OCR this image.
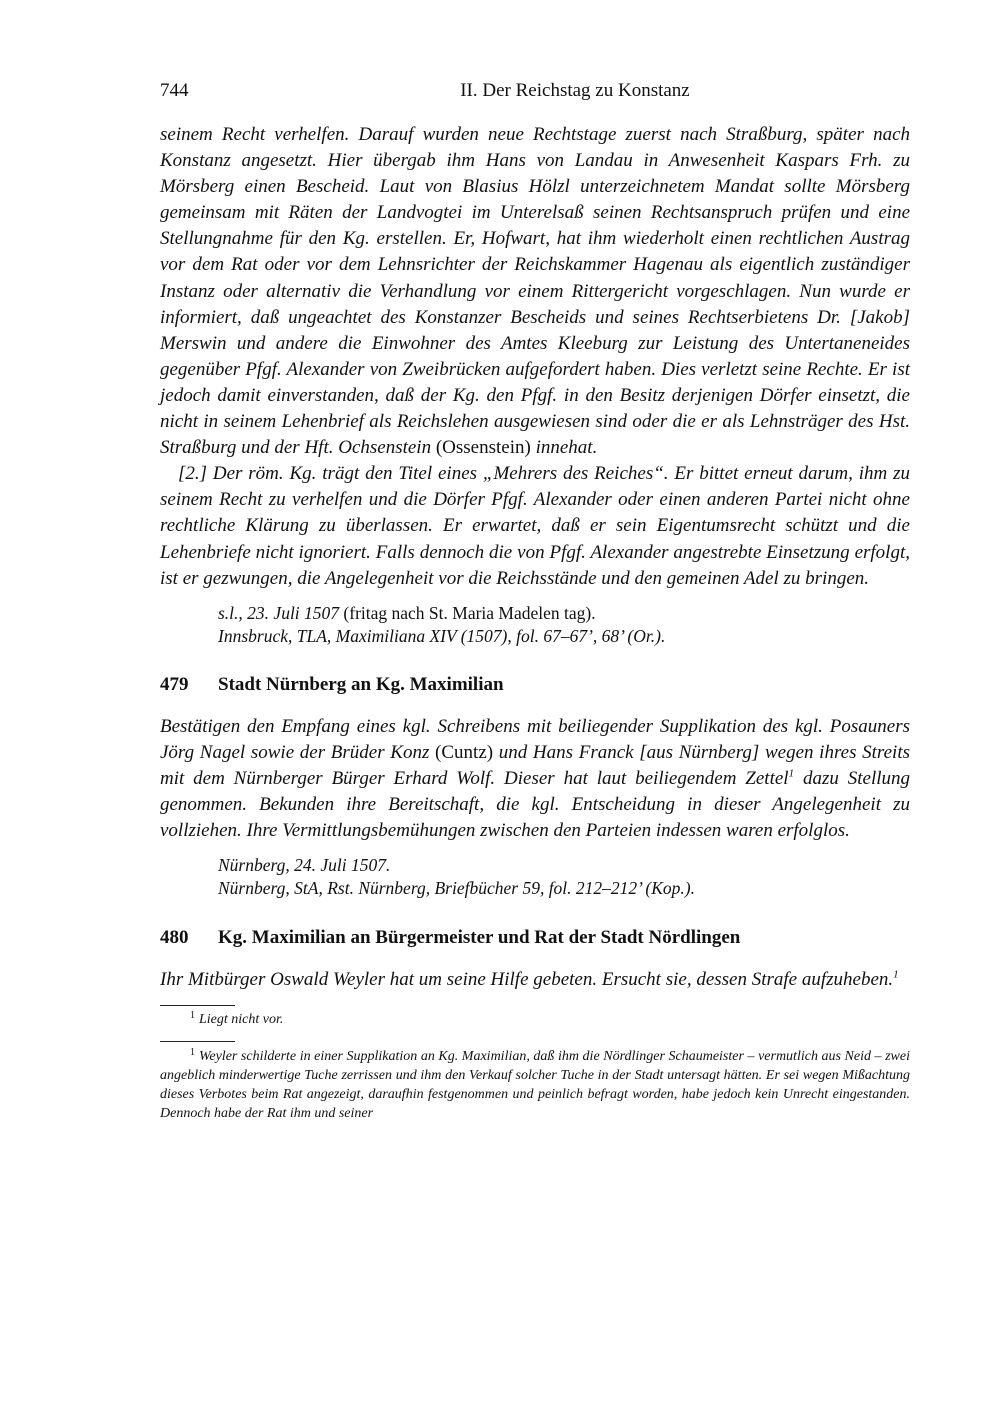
744	II. Der Reichstag zu Konstanz

seinem Recht verhelfen. Darauf wurden neue Rechtstage zuerst nach Straßburg, später nach Konstanz angesetzt. Hier übergab ihm Hans von Landau in Anwesenheit Kaspars Frh. zu Mörsberg einen Bescheid. Laut von Blasius Hölzl unterzeichnetem Mandat sollte Mörsberg gemeinsam mit Räten der Landvogtei im Unterelsaß seinen Rechtsanspruch prüfen und eine Stellungnahme für den Kg. erstellen. Er, Hofwart, hat ihm wiederholt einen rechtlichen Austrag vor dem Rat oder vor dem Lehnsrichter der Reichskammer Hagenau als eigentlich zuständiger Instanz oder alternativ die Verhandlung vor einem Rittergericht vorgeschlagen. Nun wurde er informiert, daß ungeachtet des Konstanzer Bescheids und seines Rechtserbietens Dr. [Jakob] Merswin und andere die Einwohner des Amtes Kleeburg zur Leistung des Untertaneneides gegenüber Pfgf. Alexander von Zweibrücken aufgefordert haben. Dies verletzt seine Rechte. Er ist jedoch damit einverstanden, daß der Kg. den Pfgf. in den Besitz derjenigen Dörfer einsetzt, die nicht in seinem Lehenbrief als Reichslehen ausgewiesen sind oder die er als Lehnsträger des Hst. Straßburg und der Hft. Ochsenstein (Ossenstein) innehat.

[2.] Der röm. Kg. trägt den Titel eines „Mehrers des Reiches“. Er bittet erneut darum, ihm zu seinem Recht zu verhelfen und die Dörfer Pfgf. Alexander oder einen anderen Partei nicht ohne rechtliche Klärung zu überlassen. Er erwartet, daß er sein Eigentumsrecht schützt und die Lehenbriefe nicht ignoriert. Falls dennoch die von Pfgf. Alexander angestrebte Einsetzung erfolgt, ist er gezwungen, die Angelegenheit vor die Reichsstände und den gemeinen Adel zu bringen.

s.l., 23. Juli 1507 (fritag nach St. Maria Madelen tag).

Innsbruck, TLA, Maximiliana XIV (1507), fol. 67–67’, 68’ (Or.).

479	Stadt Nürnberg an Kg. Maximilian

Bestätigen den Empfang eines kgl. Schreibens mit beiliegender Supplikation des kgl. Posauners Jörg Nagel sowie der Brüder Konz (Cuntz) und Hans Franck [aus Nürnberg] wegen ihres Streits mit dem Nürnberger Bürger Erhard Wolf. Dieser hat laut beiliegendem Zettel$^1$ dazu Stellung genommen. Bekunden ihre Bereitschaft, die kgl. Entscheidung in dieser Angelegenheit zu vollziehen. Ihre Vermittlungsbemühungen zwischen den Parteien indessen waren erfolglos.

Nürnberg, 24. Juli 1507.

Nürnberg, StA, Rst. Nürnberg, Briefbücher 59, fol. 212–212’ (Kop.).

480	Kg. Maximilian an Bürgermeister und Rat der Stadt Nördlingen

Ihr Mitbürger Oswald Weyler hat um seine Hilfe gebeten. Ersucht sie, dessen Strafe aufzuheben.$^1$

$^1$ Liegt nicht vor.

$^1$ Weyler schilderte in einer Supplikation an Kg. Maximilian, daß ihm die Nördlinger Schaumeister – vermutlich aus Neid – zwei angeblich minderwertige Tuche zerrissen und ihm den Verkauf solcher Tuche in der Stadt untersagt hätten. Er sei wegen Mißachtung dieses Verbotes beim Rat angezeigt, daraufhin festgenommen und peinlich befragt worden, habe jedoch kein Unrecht eingestanden. Dennoch habe der Rat ihm und seiner
